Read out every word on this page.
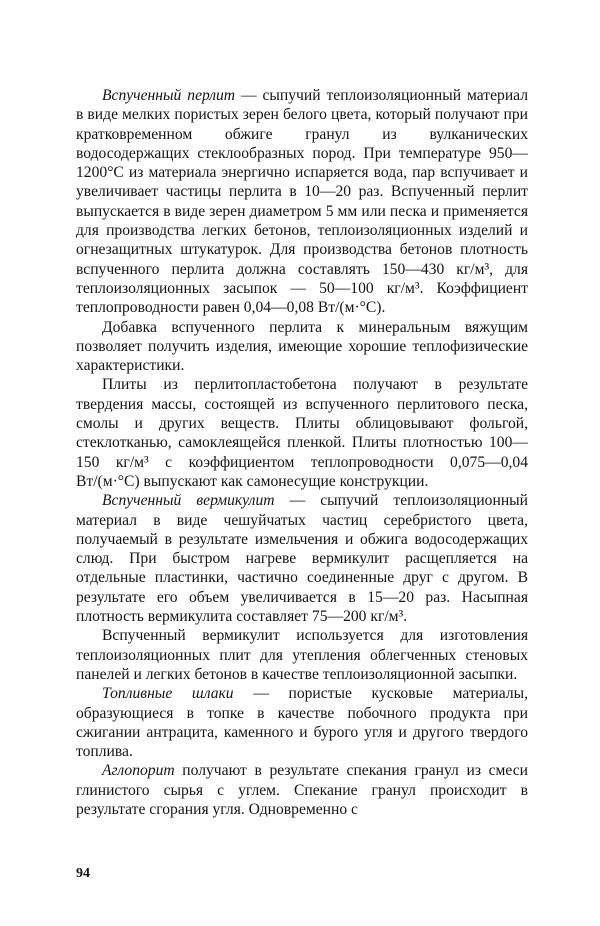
Вспученный перлит — сыпучий теплоизоляционный материал в виде мелких пористых зерен белого цвета, который получают при кратковременном обжиге гранул из вулканических водосодержащих стеклообразных пород. При температуре 950—1200°С из материала энергично испаряется вода, пар вспучивает и увеличивает частицы перлита в 10—20 раз. Вспученный перлит выпускается в виде зерен диаметром 5 мм или песка и применяется для производства легких бетонов, теплоизоляционных изделий и огнезащитных штукатурок. Для производства бетонов плотность вспученного перлита должна составлять 150—430 кг/м³, для теплоизоляционных засыпок — 50—100 кг/м³. Коэффициент теплопроводности равен 0,04—0,08 Вт/(м·°С).

Добавка вспученного перлита к минеральным вяжущим позволяет получить изделия, имеющие хорошие теплофизические характеристики.

Плиты из перлитопластобетона получают в результате твердения массы, состоящей из вспученного перлитового песка, смолы и других веществ. Плиты облицовывают фольгой, стеклотканью, самоклеящейся пленкой. Плиты плотностью 100—150 кг/м³ с коэффициентом теплопроводности 0,075—0,04 Вт/(м·°С) выпускают как самонесущие конструкции.

Вспученный вермикулит — сыпучий теплоизоляционный материал в виде чешуйчатых частиц серебристого цвета, получаемый в результате измельчения и обжига водосодержащих слюд. При быстром нагреве вермикулит расщепляется на отдельные пластинки, частично соединенные друг с другом. В результате его объем увеличивается в 15—20 раз. Насыпная плотность вермикулита составляет 75—200 кг/м³.

Вспученный вермикулит используется для изготовления теплоизоляционных плит для утепления облегченных стеновых панелей и легких бетонов в качестве теплоизоляционной засыпки.

Топливные шлаки — пористые кусковые материалы, образующиеся в топке в качестве побочного продукта при сжигании антрацита, каменного и бурого угля и другого твердого топлива.

Аглопорит получают в результате спекания гранул из смеси глинистого сырья с углем. Спекание гранул происходит в результате сгорания угля. Одновременно с

94
